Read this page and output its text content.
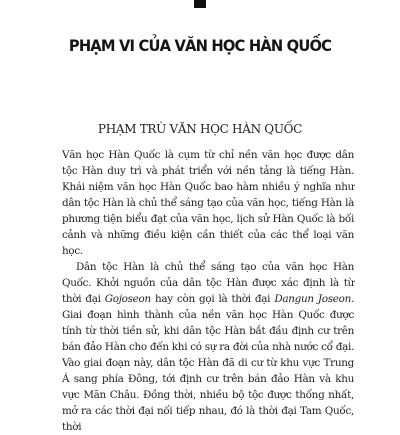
PHẠM VI CỦA VĂN HỌC HÀN QUỐC
PHẠM TRÙ VĂN HỌC HÀN QUỐC

Văn học Hàn Quốc là cụm từ chỉ nền văn học được dân tộc Hàn duy trì và phát triển với nền tảng là tiếng Hàn. Khái niệm văn học Hàn Quốc bao hàm nhiều ý nghĩa như dân tộc Hàn là chủ thể sáng tạo của văn học, tiếng Hàn là phương tiện biểu đạt của văn học, lịch sử Hàn Quốc là bối cảnh và những điều kiện cần thiết của các thể loại văn học.

Dân tộc Hàn là chủ thể sáng tạo của văn học Hàn Quốc. Khởi nguồn của dân tộc Hàn được xác định là từ thời đại Gojoseon hay còn gọi là thời đại Dangun Joseon. Giai đoạn hình thành của nền văn học Hàn Quốc được tính từ thời tiền sử, khi dân tộc Hàn bắt đầu định cư trên bán đảo Hàn cho đến khi có sự ra đời của nhà nước cổ đại. Vào giai đoạn này, dân tộc Hàn đã di cư từ khu vực Trung Á sang phía Đông, tới định cư trên bán đảo Hàn và khu vực Mãn Châu. Đồng thời, nhiều bộ tộc được thống nhất, mở ra các thời đại nối tiếp nhau, đó là thời đại Tam Quốc, thời
